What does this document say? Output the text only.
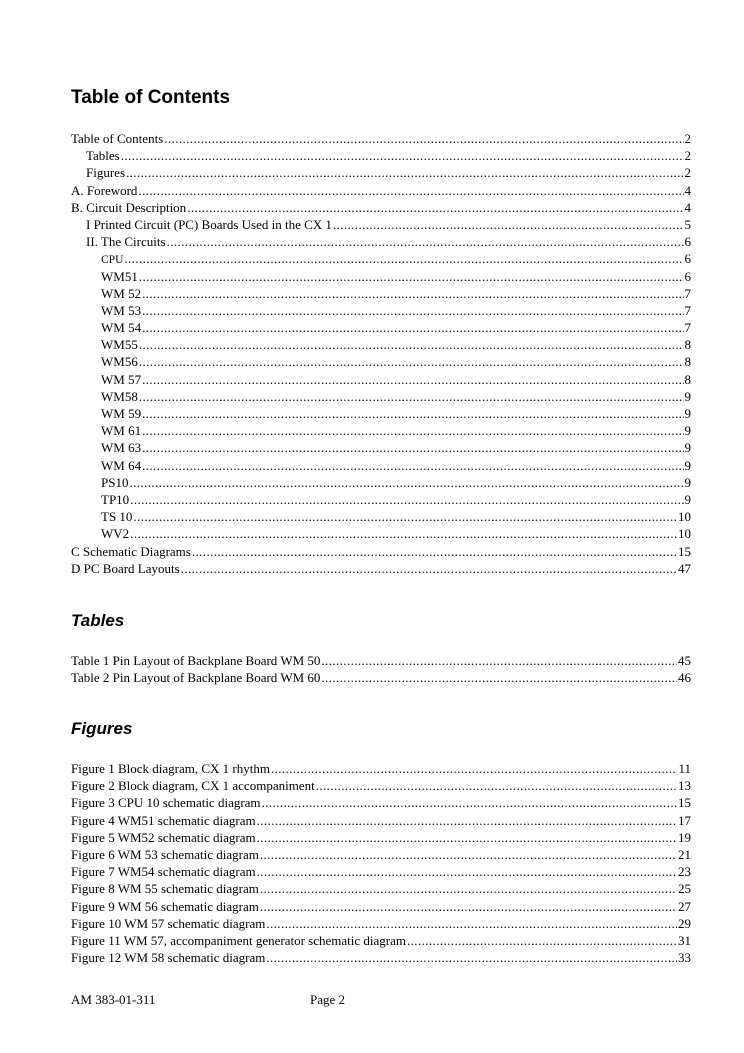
Table of Contents
Table of Contents .....	2
Tables .....	2
Figures .....	2
A. Foreword .....	4
B. Circuit Description .....	4
I Printed Circuit (PC) Boards Used in the CX 1 .....	5
II. The Circuits .....	6
CPU .....	6
WM51 .....	6
WM 52 .....	7
WM 53 .....	7
WM 54 .....	7
WM55 .....	8
WM56 .....	8
WM 57 .....	8
WM58 .....	9
WM 59 .....	9
WM 61 .....	9
WM 63 .....	9
WM 64 .....	9
PS10 .....	9
TP10 .....	9
TS 10 .....	10
WV2 .....	10
C Schematic Diagrams .....	15
D PC Board Layouts .....	47
Tables
Table 1 Pin Layout of Backplane Board WM 50 .....	45
Table 2 Pin Layout of Backplane Board WM 60 .....	46
Figures
Figure 1 Block diagram, CX 1 rhythm .....	11
Figure 2 Block diagram, CX 1 accompaniment .....	13
Figure 3 CPU 10 schematic diagram .....	15
Figure 4 WM51 schematic diagram .....	17
Figure 5 WM52 schematic diagram .....	19
Figure 6 WM 53 schematic diagram .....	21
Figure 7 WM54 schematic diagram .....	23
Figure 8 WM 55 schematic diagram .....	25
Figure 9 WM 56 schematic diagram .....	27
Figure 10 WM 57 schematic diagram .....	29
Figure 11 WM 57, accompaniment generator schematic diagram .....	31
Figure 12 WM 58 schematic diagram .....	33
AM 383-01-311	Page 2
